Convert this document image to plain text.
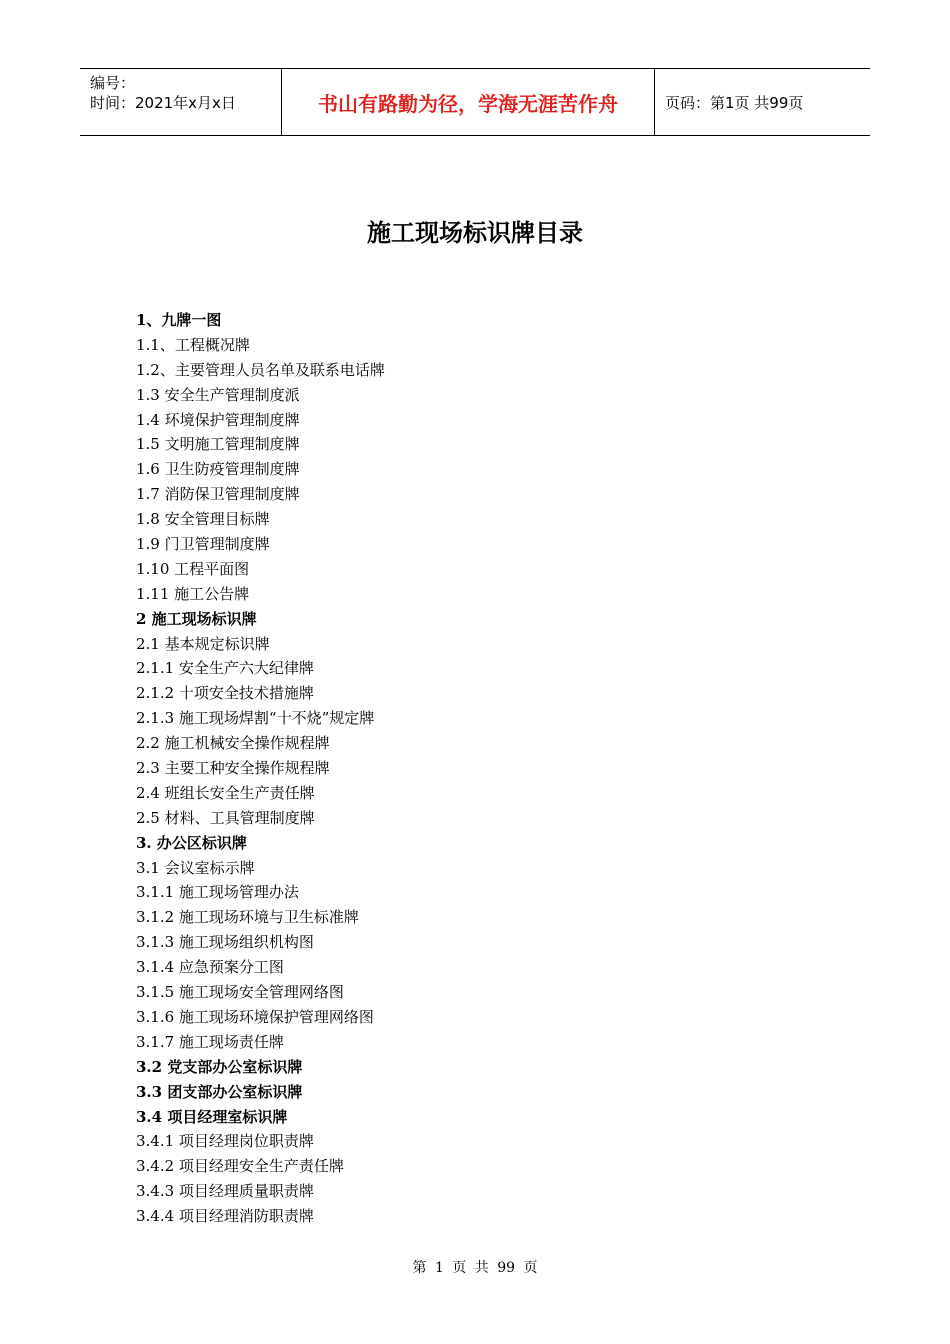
编号：
时间：2021年x月x日	书山有路勤为径，学海无涯苦作舟	页码：第1页 共99页
施工现场标识牌目录
1、九牌一图
1.1、工程概况牌
1.2、主要管理人员名单及联系电话牌
1.3 安全生产管理制度派
1.4 环境保护管理制度牌
1.5 文明施工管理制度牌
1.6 卫生防疫管理制度牌
1.7 消防保卫管理制度牌
1.8 安全管理目标牌
1.9 门卫管理制度牌
1.10 工程平面图
1.11 施工公告牌
2 施工现场标识牌
2.1 基本规定标识牌
2.1.1 安全生产六大纪律牌
2.1.2 十项安全技术措施牌
2.1.3 施工现场焊割“十不烧”规定牌
2.2 施工机械安全操作规程牌
2.3 主要工种安全操作规程牌
2.4 班组长安全生产责任牌
2.5 材料、工具管理制度牌
3. 办公区标识牌
3.1 会议室标示牌
3.1.1 施工现场管理办法
3.1.2 施工现场环境与卫生标准牌
3.1.3 施工现场组织机构图
3.1.4 应急预案分工图
3.1.5 施工现场安全管理网络图
3.1.6 施工现场环境保护管理网络图
3.1.7 施工现场责任牌
3.2 党支部办公室标识牌
3.3 团支部办公室标识牌
3.4 项目经理室标识牌
3.4.1 项目经理岗位职责牌
3.4.2 项目经理安全生产责任牌
3.4.3 项目经理质量职责牌
3.4.4 项目经理消防职责牌
第 1 页 共 99 页
